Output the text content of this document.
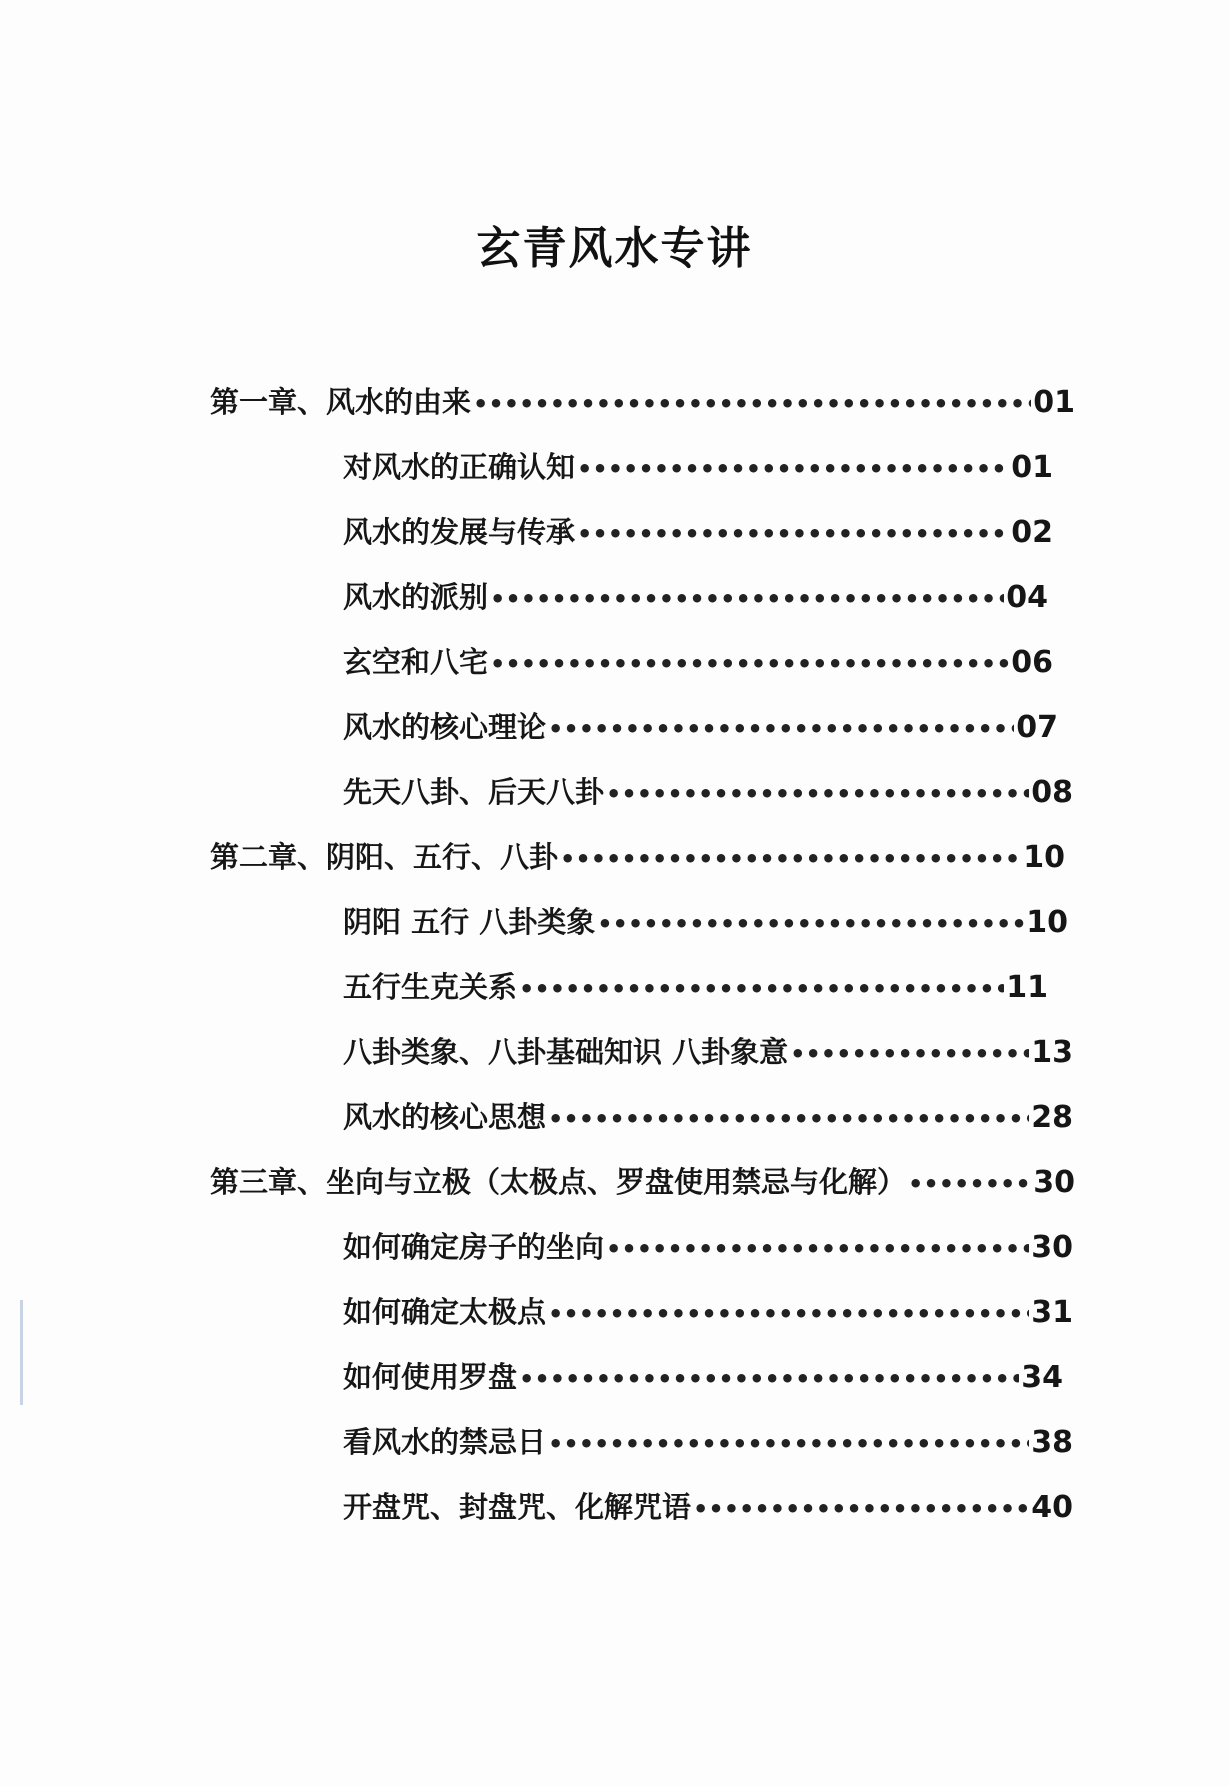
玄青风水专讲
第一章、风水的由来 •••••	01
对风水的正确认知 •••••	01
风水的发展与传承 •••••	02
风水的派别 •••••	04
玄空和八宅 •••••	06
风水的核心理论 •••••	07
先天八卦、后天八卦 •••••	08
第二章、阴阳、五行、八卦 •••••	10
阴阳 五行 八卦类象 •••••	10
五行生克关系 •••••	11
八卦类象、八卦基础知识 八卦象意 •••••	13
风水的核心思想 •••••	28
第三章、坐向与立极（太极点、罗盘使用禁忌与化解） •••••	30
如何确定房子的坐向 •••••	30
如何确定太极点 •••••	31
如何使用罗盘 •••••	34
看风水的禁忌日 •••••	38
开盘咒、封盘咒、化解咒语 •••••	40
